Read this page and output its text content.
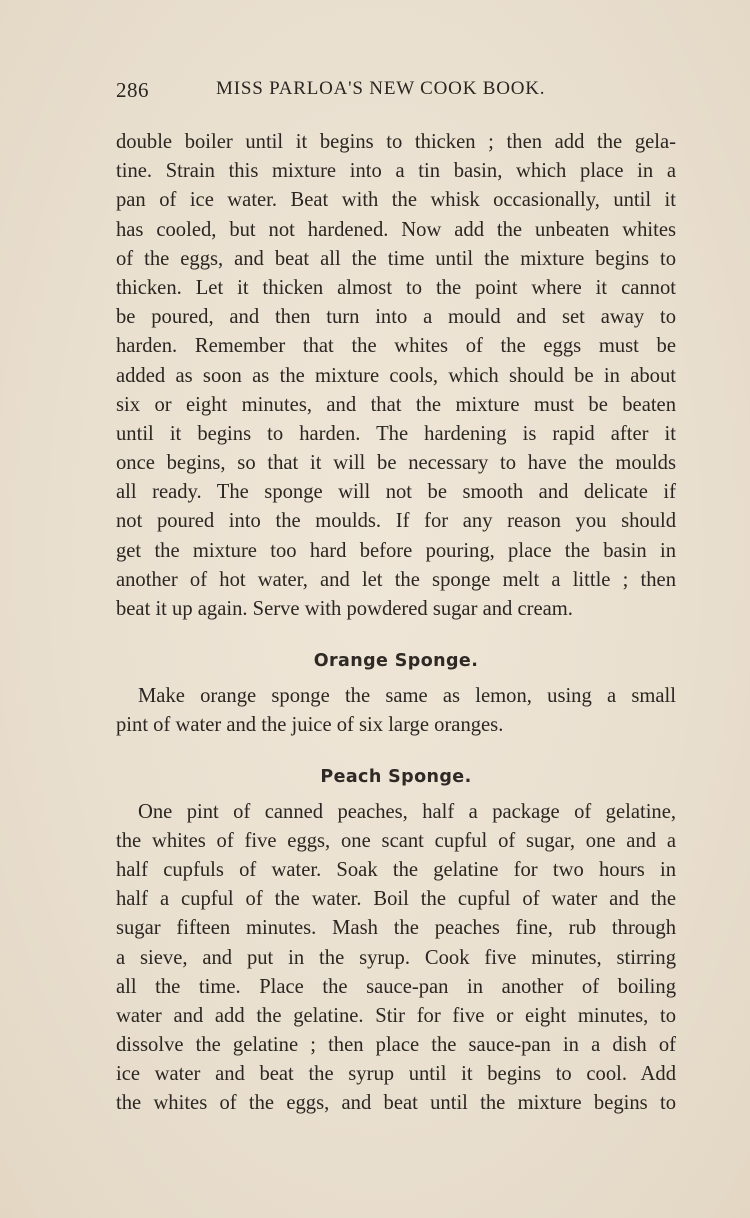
286	MISS PARLOA'S NEW COOK BOOK.
double boiler until it begins to thicken ; then add the gela-
tine. Strain this mixture into a tin basin, which place in a
pan of ice water. Beat with the whisk occasionally, until it
has cooled, but not hardened. Now add the unbeaten whites
of the eggs, and beat all the time until the mixture begins to
thicken. Let it thicken almost to the point where it cannot
be poured, and then turn into a mould and set away to
harden. Remember that the whites of the eggs must be
added as soon as the mixture cools, which should be in about
six or eight minutes, and that the mixture must be beaten
until it begins to harden. The hardening is rapid after it
once begins, so that it will be necessary to have the moulds
all ready. The sponge will not be smooth and delicate if
not poured into the moulds. If for any reason you should
get the mixture too hard before pouring, place the basin in
another of hot water, and let the sponge melt a little ; then
beat it up again. Serve with powdered sugar and cream.
Orange Sponge.
Make orange sponge the same as lemon, using a small
pint of water and the juice of six large oranges.
Peach Sponge.
One pint of canned peaches, half a package of gelatine,
the whites of five eggs, one scant cupful of sugar, one and a
half cupfuls of water. Soak the gelatine for two hours in
half a cupful of the water. Boil the cupful of water and the
sugar fifteen minutes. Mash the peaches fine, rub through
a sieve, and put in the syrup. Cook five minutes, stirring
all the time. Place the sauce-pan in another of boiling
water and add the gelatine. Stir for five or eight minutes, to
dissolve the gelatine ; then place the sauce-pan in a dish of
ice water and beat the syrup until it begins to cool. Add
the whites of the eggs, and beat until the mixture begins to
